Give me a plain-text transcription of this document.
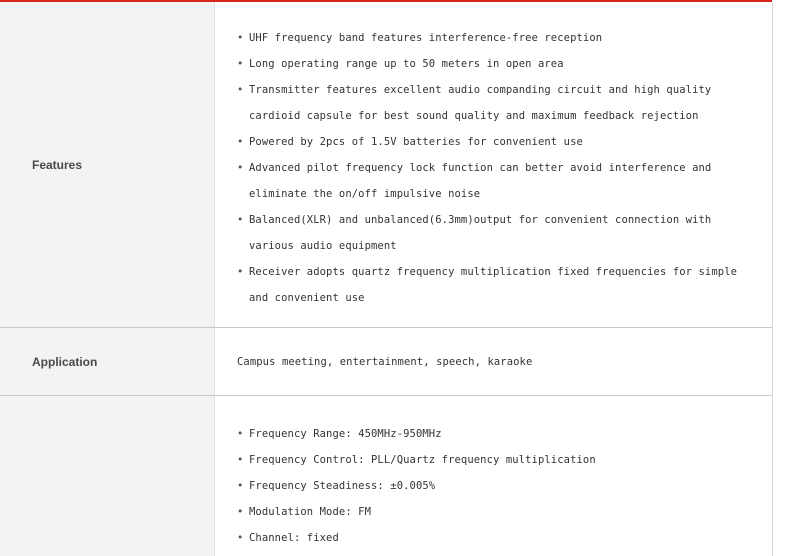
Features
• UHF frequency band features interference-free reception
• Long operating range up to 50 meters in open area
• Transmitter features excellent audio companding circuit and high quality
cardioid capsule for best sound quality and maximum feedback rejection
• Powered by 2pcs of 1.5V batteries for convenient use
• Advanced pilot frequency lock function can better avoid interference and
eliminate the on/off impulsive noise
• Balanced(XLR) and unbalanced(6.3mm)output for convenient connection with
various audio equipment
• Receiver adopts quartz frequency multiplication fixed frequencies for simple
and convenient use
Application	Campus meeting, entertainment, speech, karaoke
• Frequency Range: 450MHz-950MHz
• Frequency Control: PLL/Quartz frequency multiplication
• Frequency Steadiness: ±0.005%
• Modulation Mode: FM
• Channel: fixed
